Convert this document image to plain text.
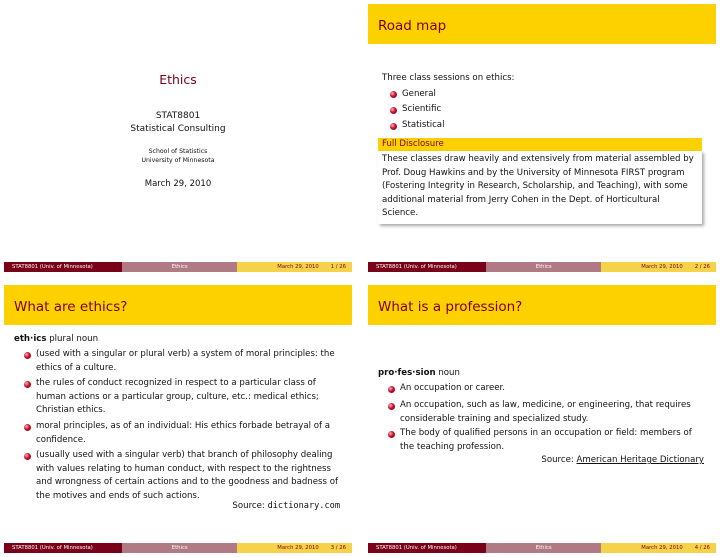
Ethics
STAT8801
Statistical Consulting
School of Statistics
University of Minnesota
March 29, 2010
STAT8801 (Univ. of Minnesota)	Ethics	March 29, 2010 1 / 26
Road map
Three class sessions on ethics:
General
Scientific
Statistical
Full Disclosure
These classes draw heavily and extensively from material assembled by
Prof. Doug Hawkins and by the University of Minnesota FIRST program
(Fostering Integrity in Research, Scholarship, and Teaching), with some
additional material from Jerry Cohen in the Dept. of Horticultural Science.
STAT8801 (Univ. of Minnesota)	Ethics	March 29, 2010 2 / 26
What are ethics?
eth·ics plural noun
(used with a singular or plural verb) a system of moral principles: the
ethics of a culture.
the rules of conduct recognized in respect to a particular class of
human actions or a particular group, culture, etc.: medical ethics;
Christian ethics.
moral principles, as of an individual: His ethics forbade betrayal of a
confidence.
(usually used with a singular verb) that branch of philosophy dealing
with values relating to human conduct, with respect to the rightness
and wrongness of certain actions and to the goodness and badness of
the motives and ends of such actions.
Source: dictionary.com
STAT8801 (Univ. of Minnesota)	Ethics	March 29, 2010 3 / 26
What is a profession?
pro·fes·sion noun
An occupation or career.
An occupation, such as law, medicine, or engineering, that requires
considerable training and specialized study.
The body of qualified persons in an occupation or field: members of
the teaching profession.
Source: American Heritage Dictionary
STAT8801 (Univ. of Minnesota)	Ethics	March 29, 2010 4 / 26
